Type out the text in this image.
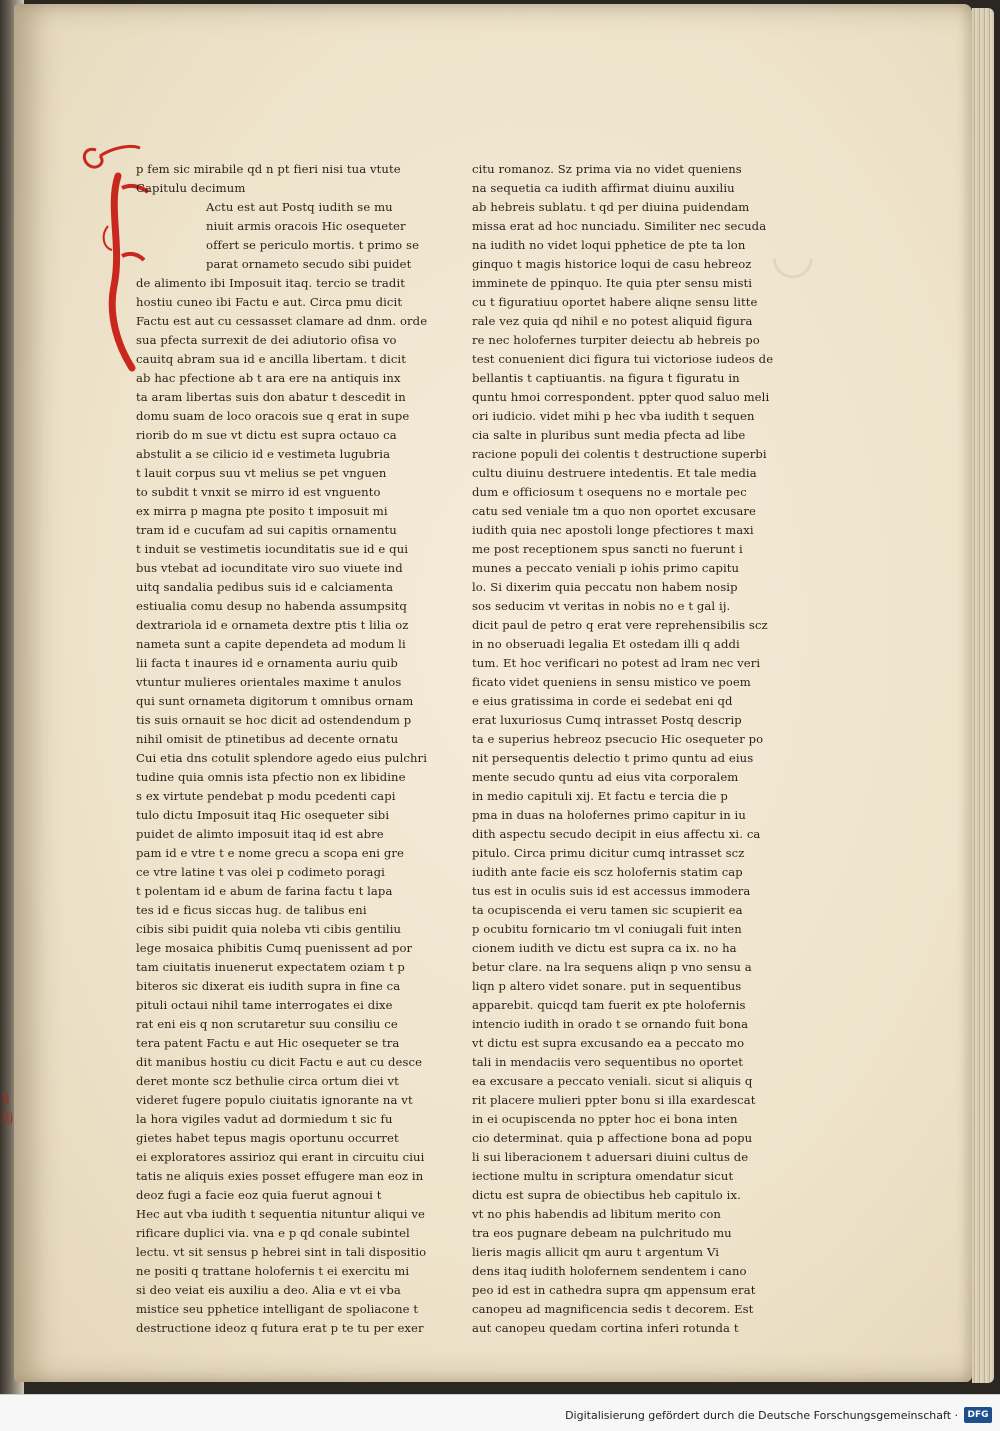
◡
p fem sic mirabile qd n pt fieri nisi tua vtute
Capitulu decimum
Actu est aut Postq iudith se mu
niuit armis oracois Hic osequeter
offert se periculo mortis. t primo se
parat ornameto secudo sibi puidet
de alimento ibi Imposuit itaq. tercio se tradit
hostiu cuneo ibi Factu e aut. Circa pmu dicit
Factu est aut cu cessasset clamare ad dnm. orde
sua pfecta surrexit de dei adiutorio ofisa vo
cauitq abram sua id e ancilla libertam. t dicit
ab hac pfectione ab t ara ere na antiquis inx
ta aram libertas suis don abatur t descedit in
domu suam de loco oracois sue q erat in supe
riorib do m sue vt dictu est supra octauo ca
abstulit a se cilicio id e vestimeta lugubria
t lauit corpus suu vt melius se pet vnguen
to subdit t vnxit se mirro id est vnguento
ex mirra p magna pte posito t imposuit mi
tram id e cucufam ad sui capitis ornamentu
t induit se vestimetis iocunditatis sue id e qui
bus vtebat ad iocunditate viro suo viuete ind
uitq sandalia pedibus suis id e calciamenta
estiualia comu desup no habenda assumpsitq
dextrariola id e ornameta dextre ptis t lilia oz
nameta sunt a capite dependeta ad modum li
lii facta t inaures id e ornamenta auriu quib
vtuntur mulieres orientales maxime t anulos
qui sunt ornameta digitorum t omnibus ornam
tis suis ornauit se hoc dicit ad ostendendum p
nihil omisit de ptinetibus ad decente ornatu
Cui etia dns cotulit splendore agedo eius pulchri
tudine quia omnis ista pfectio non ex libidine
s ex virtute pendebat p modu pcedenti capi
tulo dictu Imposuit itaq Hic osequeter sibi
puidet de alimto imposuit itaq id est abre
pam id e vtre t e nome grecu a scopa eni gre
ce vtre latine t vas olei p codimeto poragi
t polentam id e abum de farina factu t lapa
tes id e ficus siccas hug. de talibus eni
cibis sibi puidit quia noleba vti cibis gentiliu
lege mosaica phibitis Cumq puenissent ad por
tam ciuitatis inuenerut expectatem oziam t p
biteros sic dixerat eis iudith supra in fine ca
pituli octaui nihil tame interrogates ei dixe
rat eni eis q non scrutaretur suu consiliu ce
tera patent Factu e aut Hic osequeter se tra
dit manibus hostiu cu dicit Factu e aut cu desce
deret monte scz bethulie circa ortum diei vt
videret fugere populo ciuitatis ignorante na vt
la hora vigiles vadut ad dormiedum t sic fu
gietes habet tepus magis oportunu occurret
ei exploratores assirioz qui erant in circuitu ciui
tatis ne aliquis exies posset effugere man eoz in
deoz fugi a facie eoz quia fuerut agnoui t
Hec aut vba iudith t sequentia nituntur aliqui ve
rificare duplici via. vna e p qd conale subintel
lectu. vt sit sensus p hebrei sint in tali dispositio
ne positi q trattane holofernis t ei exercitu mi
si deo veiat eis auxiliu a deo. Alia e vt ei vba
mistice seu pphetice intelligant de spoliacone t
destructione ideoz q futura erat p te tu per exer
citu romanoz. Sz prima via no videt queniens
na sequetia ca iudith affirmat diuinu auxiliu
ab hebreis sublatu. t qd per diuina puidendam
missa erat ad hoc nunciadu. Similiter nec secuda
na iudith no videt loqui pphetice de pte ta lon
ginquo t magis historice loqui de casu hebreoz
imminete de ppinquo. Ite quia pter sensu misti
cu t figuratiuu oportet habere aliqne sensu litte
rale vez quia qd nihil e no potest aliquid figura
re nec holofernes turpiter deiectu ab hebreis po
test conuenient dici figura tui victoriose iudeos de
bellantis t captiuantis. na figura t figuratu in
quntu hmoi correspondent. ppter quod saluo meli
ori iudicio. videt mihi p hec vba iudith t sequen
cia salte in pluribus sunt media pfecta ad libe
racione populi dei colentis t destructione superbi
cultu diuinu destruere intedentis. Et tale media
dum e officiosum t osequens no e mortale pec
catu sed veniale tm a quo non oportet excusare
iudith quia nec apostoli longe pfectiores t maxi
me post receptionem spus sancti no fuerunt i
munes a peccato veniali p iohis primo capitu
lo. Si dixerim quia peccatu non habem nosip
sos seducim vt veritas in nobis no e t gal ij.
dicit paul de petro q erat vere reprehensibilis scz
in no obseruadi legalia Et ostedam illi q addi
tum. Et hoc verificari no potest ad lram nec veri
ficato videt queniens in sensu mistico ve poem
e eius gratissima in corde ei sedebat eni qd
erat luxuriosus Cumq intrasset Postq descrip
ta e superius hebreoz psecucio Hic osequeter po
nit persequentis delectio t primo quntu ad eius
mente secudo quntu ad eius vita corporalem
in medio capituli xij. Et factu e tercia die p
pma in duas na holofernes primo capitur in iu
dith aspectu secudo decipit in eius affectu xi. ca
pitulo. Circa primu dicitur cumq intrasset scz
iudith ante facie eis scz holofernis statim cap
tus est in oculis suis id est accessus immodera
ta ocupiscenda ei veru tamen sic scupierit ea
p ocubitu fornicario tm vl coniugali fuit inten
cionem iudith ve dictu est supra ca ix. no ha
betur clare. na lra sequens aliqn p vno sensu a
liqn p altero videt sonare. put in sequentibus
apparebit. quicqd tam fuerit ex pte holofernis
intencio iudith in orado t se ornando fuit bona
vt dictu est supra excusando ea a peccato mo
tali in mendaciis vero sequentibus no oportet
ea excusare a peccato veniali. sicut si aliquis q
rit placere mulieri ppter bonu si illa exardescat
in ei ocupiscenda no ppter hoc ei bona inten
cio determinat. quia p affectione bona ad popu
li sui liberacionem t aduersari diuini cultus de
iectione multu in scriptura omendatur sicut
dictu est supra de obiectibus heb capitulo ix.
vt no phis habendis ad libitum merito con
tra eos pugnare debeam na pulchritudo mu
lieris magis allicit qm auru t argentum Vi
dens itaq iudith holofernem sendentem i cano
peo id est in cathedra supra qm appensum erat
canopeu ad magnificencia sedis t decorem. Est
aut canopeu quedam cortina inferi rotunda t
ij
iij
Digitalisierung gefördert durch die Deutsche Forschungsgemeinschaft ·	DFG
